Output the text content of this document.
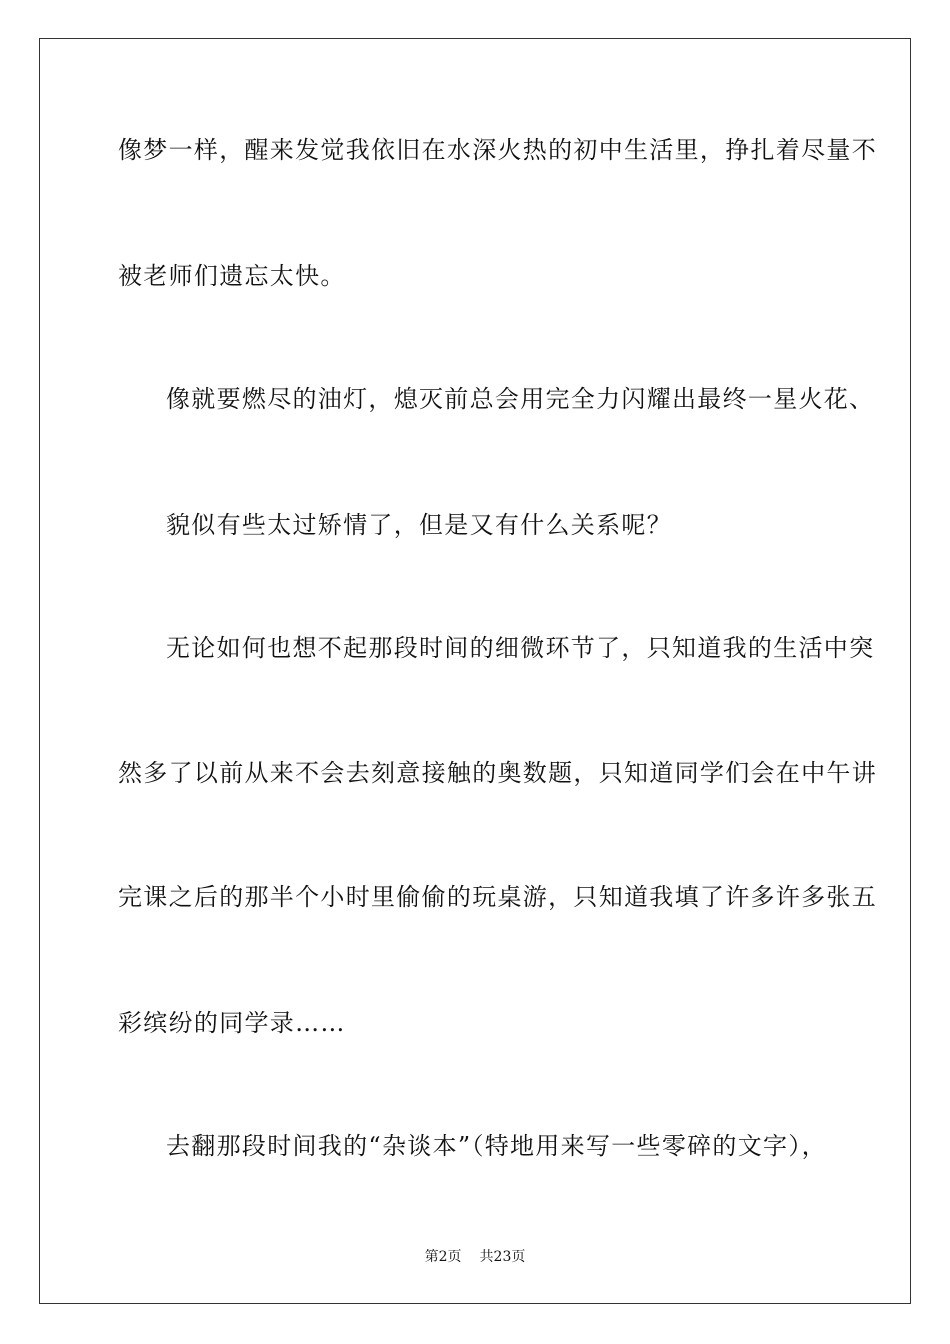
像梦一样，醒来发觉我依旧在水深火热的初中生活里，挣扎着尽量不
被老师们遗忘太快。
像就要燃尽的油灯，熄灭前总会用完全力闪耀出最终一星火花、
貌似有些太过矫情了，但是又有什么关系呢？
无论如何也想不起那段时间的细微环节了，只知道我的生活中突
然多了以前从来不会去刻意接触的奥数题，只知道同学们会在中午讲
完课之后的那半个小时里偷偷的玩桌游，只知道我填了许多许多张五
彩缤纷的同学录……
去翻那段时间我的“杂谈本”（特地用来写一些零碎的文字），
第2页 共23页
